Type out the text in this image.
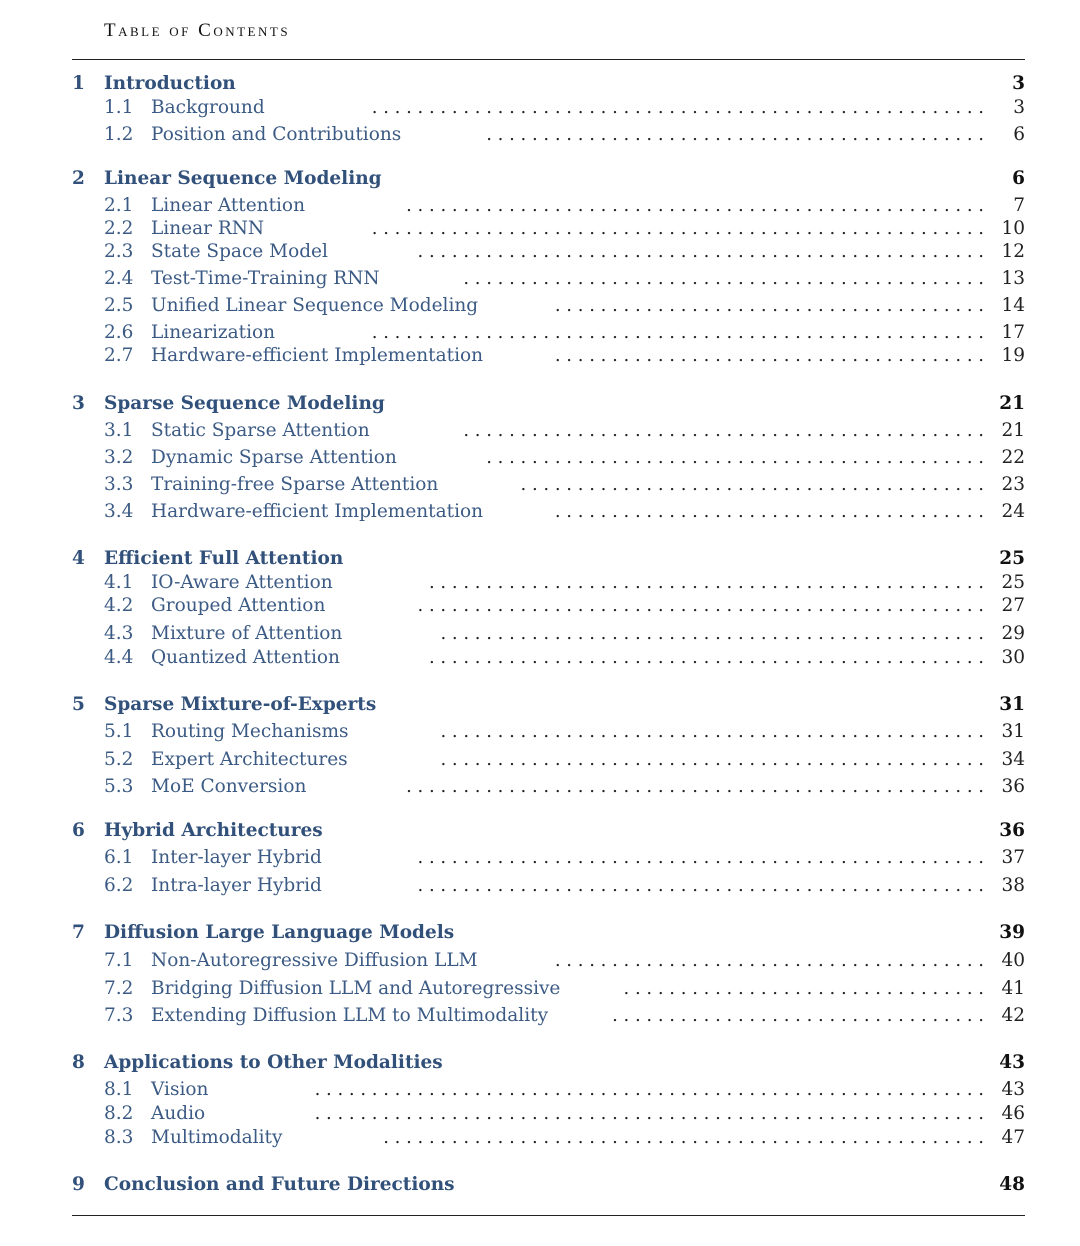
Table of Contents
1 Introduction	3
1.1 Background	. . . . . . . . . . . . . . . . . . . . . . . . . . . . . . . . . . . . . . . . . . . . . . . . . . . . . . 3
1.2 Position and Contributions	. . . . . . . . . . . . . . . . . . . . . . . . . . . . . . . . . . . . . . . . . . . . 6
2 Linear Sequence Modeling	6
2.1 Linear Attention	. . . . . . . . . . . . . . . . . . . . . . . . . . . . . . . . . . . . . . . . . . . . . . . . . . . 7
2.2 Linear RNN	. . . . . . . . . . . . . . . . . . . . . . . . . . . . . . . . . . . . . . . . . . . . . . . . . . . . . . 10
2.3 State Space Model	. . . . . . . . . . . . . . . . . . . . . . . . . . . . . . . . . . . . . . . . . . . . . . . . . . 12
2.4 Test-Time-Training RNN	. . . . . . . . . . . . . . . . . . . . . . . . . . . . . . . . . . . . . . . . . . . . . . 13
2.5 Unified Linear Sequence Modeling	. . . . . . . . . . . . . . . . . . . . . . . . . . . . . . . . . . . . . . 14
2.6 Linearization	. . . . . . . . . . . . . . . . . . . . . . . . . . . . . . . . . . . . . . . . . . . . . . . . . . . . . . 17
2.7 Hardware-efficient Implementation	. . . . . . . . . . . . . . . . . . . . . . . . . . . . . . . . . . . . . . 19
3 Sparse Sequence Modeling	21
3.1 Static Sparse Attention	. . . . . . . . . . . . . . . . . . . . . . . . . . . . . . . . . . . . . . . . . . . . . . 21
3.2 Dynamic Sparse Attention	. . . . . . . . . . . . . . . . . . . . . . . . . . . . . . . . . . . . . . . . . . . . 22
3.3 Training-free Sparse Attention	. . . . . . . . . . . . . . . . . . . . . . . . . . . . . . . . . . . . . . . . . 23
3.4 Hardware-efficient Implementation	. . . . . . . . . . . . . . . . . . . . . . . . . . . . . . . . . . . . . . 24
4 Efficient Full Attention	25
4.1 IO-Aware Attention	. . . . . . . . . . . . . . . . . . . . . . . . . . . . . . . . . . . . . . . . . . . . . . . . . 25
4.2 Grouped Attention	. . . . . . . . . . . . . . . . . . . . . . . . . . . . . . . . . . . . . . . . . . . . . . . . . . 27
4.3 Mixture of Attention	. . . . . . . . . . . . . . . . . . . . . . . . . . . . . . . . . . . . . . . . . . . . . . . . 29
4.4 Quantized Attention	. . . . . . . . . . . . . . . . . . . . . . . . . . . . . . . . . . . . . . . . . . . . . . . . . 30
5 Sparse Mixture-of-Experts	31
5.1 Routing Mechanisms	. . . . . . . . . . . . . . . . . . . . . . . . . . . . . . . . . . . . . . . . . . . . . . . . 31
5.2 Expert Architectures	. . . . . . . . . . . . . . . . . . . . . . . . . . . . . . . . . . . . . . . . . . . . . . . . 34
5.3 MoE Conversion	. . . . . . . . . . . . . . . . . . . . . . . . . . . . . . . . . . . . . . . . . . . . . . . . . . . 36
6 Hybrid Architectures	36
6.1 Inter-layer Hybrid	. . . . . . . . . . . . . . . . . . . . . . . . . . . . . . . . . . . . . . . . . . . . . . . . . . 37
6.2 Intra-layer Hybrid	. . . . . . . . . . . . . . . . . . . . . . . . . . . . . . . . . . . . . . . . . . . . . . . . . . 38
7 Diffusion Large Language Models	39
7.1 Non-Autoregressive Diffusion LLM	. . . . . . . . . . . . . . . . . . . . . . . . . . . . . . . . . . . . . . 40
7.2 Bridging Diffusion LLM and Autoregressive	. . . . . . . . . . . . . . . . . . . . . . . . . . . . . . . . 41
7.3 Extending Diffusion LLM to Multimodality	. . . . . . . . . . . . . . . . . . . . . . . . . . . . . . . . . 42
8 Applications to Other Modalities	43
8.1 Vision	. . . . . . . . . . . . . . . . . . . . . . . . . . . . . . . . . . . . . . . . . . . . . . . . . . . . . . . . . . . 43
8.2 Audio	. . . . . . . . . . . . . . . . . . . . . . . . . . . . . . . . . . . . . . . . . . . . . . . . . . . . . . . . . . . 46
8.3 Multimodality	. . . . . . . . . . . . . . . . . . . . . . . . . . . . . . . . . . . . . . . . . . . . . . . . . . . . . 47
9 Conclusion and Future Directions	48
